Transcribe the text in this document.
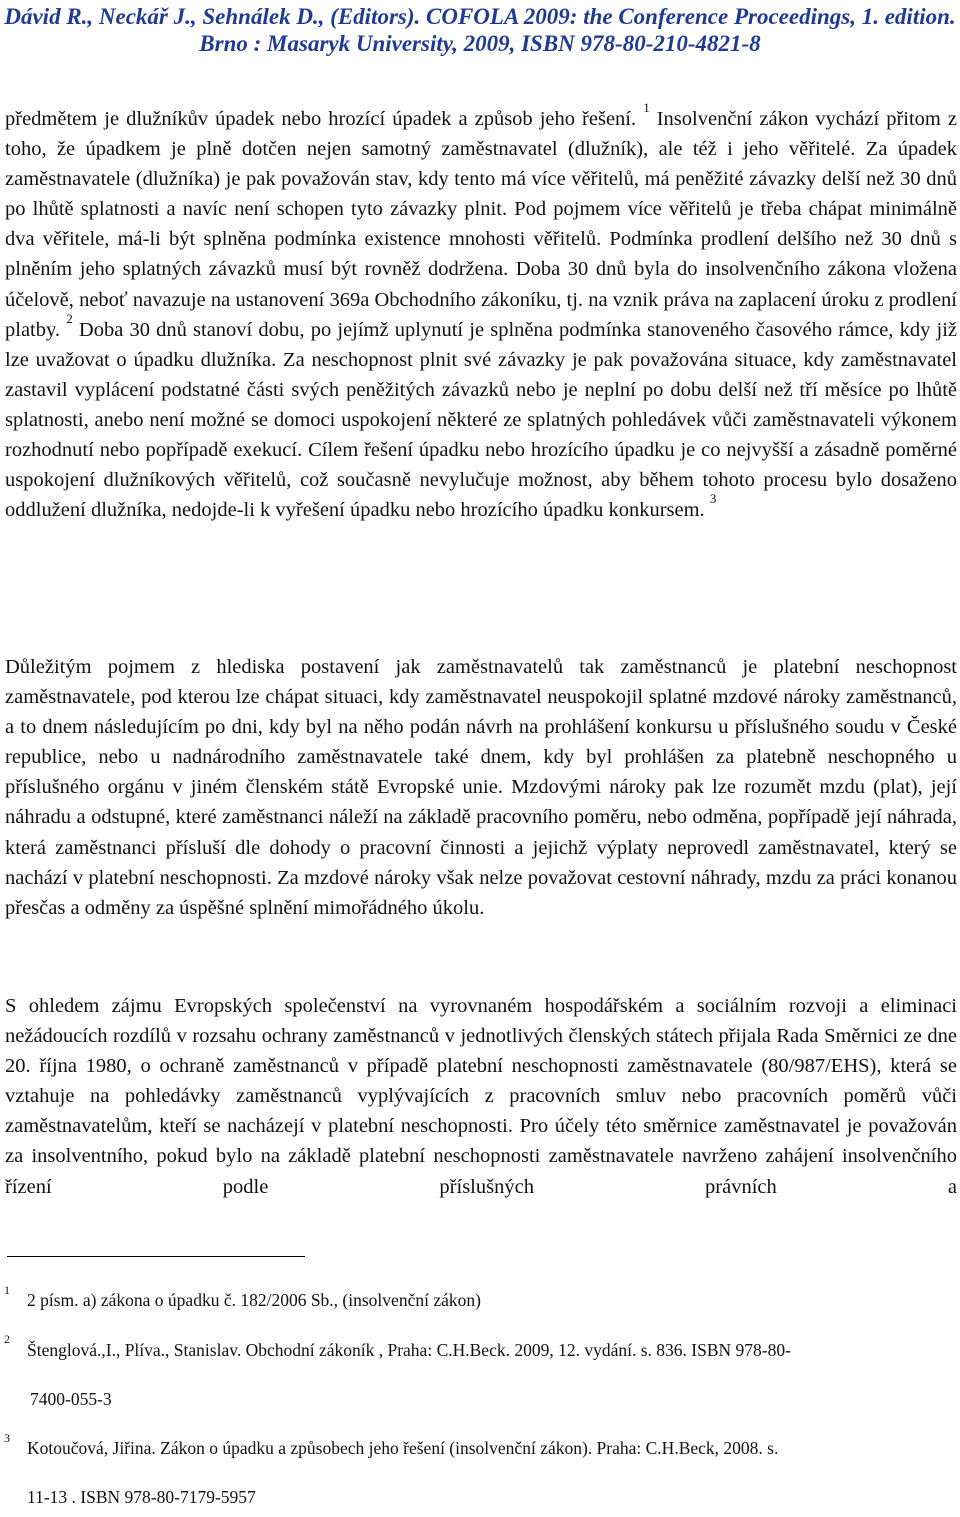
Dávid R., Neckář J., Sehnálek D., (Editors). COFOLA 2009: the Conference Proceedings, 1. edition.
Brno : Masaryk University, 2009, ISBN 978-80-210-4821-8
předmětem je dlužníkův úpadek nebo hrozící úpadek a způsob jeho řešení. $^1$ Insolvenční zákon vychází přitom z toho, že úpadkem je plně dotčen nejen samotný zaměstnavatel (dlužník), ale též i jeho věřitelé. Za úpadek zaměstnavatele (dlužníka) je pak považován stav, kdy tento má více věřitelů, má peněžité závazky delší než 30 dnů po lhůtě splatnosti a navíc není schopen tyto závazky plnit. Pod pojmem více věřitelů je třeba chápat minimálně dva věřitele, má-li být splněna podmínka existence mnohosti věřitelů. Podmínka prodlení delšího než 30 dnů s plněním jeho splatných závazků musí být rovněž dodržena. Doba 30 dnů byla do insolvenčního zákona vložena účelově, neboť navazuje na ustanovení 369a Obchodního zákoníku, tj. na vznik práva na zaplacení úroku z prodlení platby. $^2$ Doba 30 dnů stanoví dobu, po jejímž uplynutí je splněna podmínka stanoveného časového rámce, kdy již lze uvažovat o úpadku dlužníka. Za neschopnost plnit své závazky je pak považována situace, kdy zaměstnavatel zastavil vyplácení podstatné části svých peněžitých závazků nebo je neplní po dobu delší než tří měsíce po lhůtě splatnosti, anebo není možné se domoci uspokojení některé ze splatných pohledávek vůči zaměstnavateli výkonem rozhodnutí nebo popřípadě exekucí. Cílem řešení úpadku nebo hrozícího úpadku je co nejvyšší a zásadně poměrné uspokojení dlužníkových věřitelů, což současně nevylučuje možnost, aby během tohoto procesu bylo dosaženo oddlužení dlužníka, nedojde-li k vyřešení úpadku nebo hrozícího úpadku konkursem. $^3$
Důležitým pojmem z hlediska postavení jak zaměstnavatelů tak zaměstnanců je platební neschopnost zaměstnavatele, pod kterou lze chápat situaci, kdy zaměstnavatel neuspokojil splatné mzdové nároky zaměstnanců, a to dnem následujícím po dni, kdy byl na něho podán návrh na prohlášení konkursu u příslušného soudu v České republice, nebo u nadnárodního zaměstnavatele také dnem, kdy byl prohlášen za platebně neschopného u příslušného orgánu v jiném členském státě Evropské unie. Mzdovými nároky pak lze rozumět mzdu (plat), její náhradu a odstupné, které zaměstnanci náleží na základě pracovního poměru, nebo odměna, popřípadě její náhrada, která zaměstnanci přísluší dle dohody o pracovní činnosti a jejichž výplaty neprovedl zaměstnavatel, který se nachází v platební neschopnosti. Za mzdové nároky však nelze považovat cestovní náhrady, mzdu za práci konanou přesčas a odměny za úspěšné splnění mimořádného úkolu.
S ohledem zájmu Evropských společenství na vyrovnaném hospodářském a sociálním rozvoji a eliminaci nežádoucích rozdílů v rozsahu ochrany zaměstnanců v jednotlivých členských státech přijala Rada Směrnici ze dne 20. října 1980, o ochraně zaměstnanců v případě platební neschopnosti zaměstnavatele (80/987/EHS), která se vztahuje na pohledávky zaměstnanců vyplývajících z pracovních smluv nebo pracovních poměrů vůči zaměstnavatelům, kteří se nacházejí v platební neschopnosti. Pro účely této směrnice zaměstnavatel je považován za insolventního, pokud bylo na základě platební neschopnosti zaměstnavatele navrženo zahájení insolvenčního řízení podle příslušných právních a
1 2 písm. a) zákona o úpadku č. 182/2006 Sb., (insolvenční zákon)
2
Štenglová.,I., Plíva., Stanislav. Obchodní zákoník , Praha: C.H.Beck. 2009, 12. vydání. s. 836. ISBN 978-80-
7400-055-3
3 Kotoučová, Jiřina. Zákon o úpadku a způsobech jeho řešení (insolvenční zákon). Praha: C.H.Beck, 2008. s.
11-13 . ISBN 978-80-7179-5957
